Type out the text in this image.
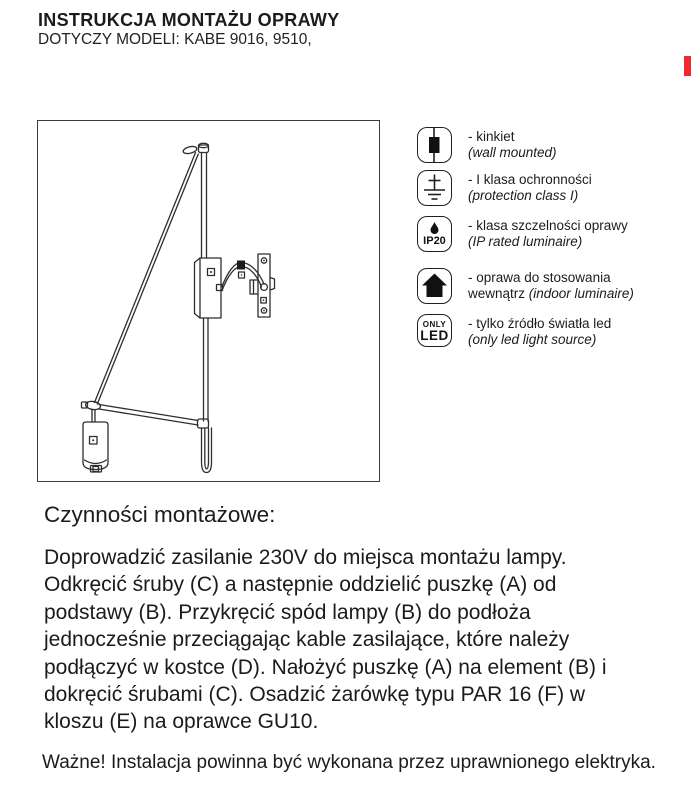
INSTRUKCJA MONTAŻU OPRAWY
DOTYCZY MODELI: KABE 9016, 9510,
- kinkiet
(wall mounted)
- I klasa ochronności
(protection class I)
IP20
- klasa szczelności oprawy
(IP rated luminaire)
- oprawa do stosowania
wewnątrz (indoor luminaire)
ONLY
LED
- tylko źródło światła led
(only led light source)
Czynności montażowe:
Doprowadzić zasilanie 230V do miejsca montażu lampy.
Odkręcić śruby (C) a następnie oddzielić puszkę (A) od
podstawy (B). Przykręcić spód lampy (B) do podłoża
jednocześnie przeciągając kable zasilające, które należy
podłączyć w kostce (D). Nałożyć puszkę (A) na element (B) i
dokręcić śrubami (C). Osadzić żarówkę typu PAR 16 (F) w
kloszu (E) na oprawce GU10.
Ważne! Instalacja powinna być wykonana przez uprawnionego elektryka.
